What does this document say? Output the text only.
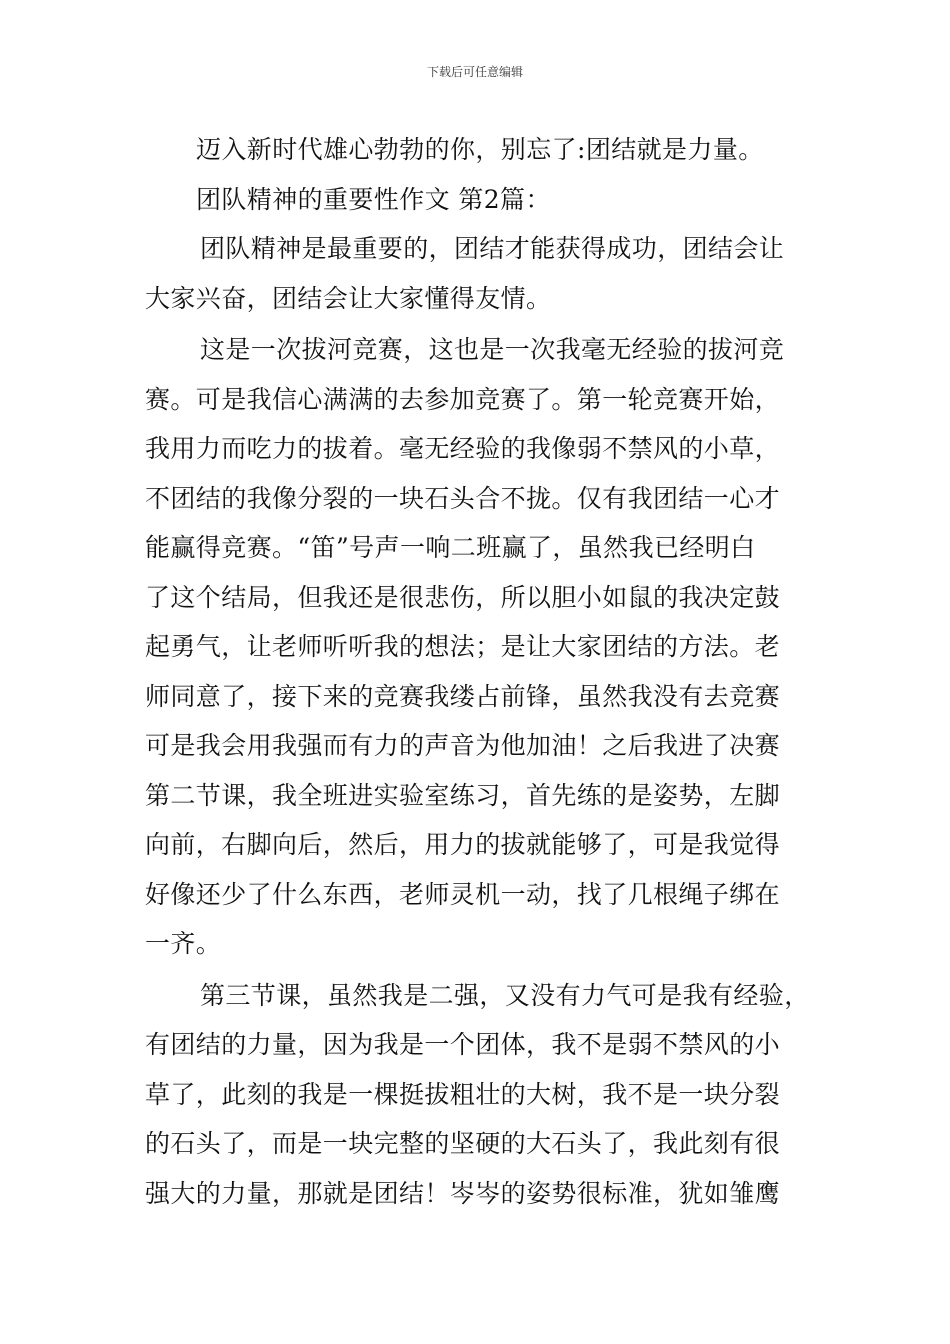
下载后可任意编辑
迈入新时代雄心勃勃的你，别忘了:团结就是力量。
团队精神的重要性作文 第2篇：
团队精神是最重要的，团结才能获得成功，团结会让
大家兴奋，团结会让大家懂得友情。
这是一次拔河竞赛，这也是一次我毫无经验的拔河竞
赛。可是我信心满满的去参加竞赛了。第一轮竞赛开始，
我用力而吃力的拔着。毫无经验的我像弱不禁风的小草，
不团结的我像分裂的一块石头合不拢。仅有我团结一心才
能赢得竞赛。“笛”号声一响二班赢了，虽然我已经明白
了这个结局，但我还是很悲伤，所以胆小如鼠的我决定鼓
起勇气，让老师听听我的想法；是让大家团结的方法。老
师同意了，接下来的竞赛我缕占前锋，虽然我没有去竞赛
可是我会用我强而有力的声音为他加油！之后我进了决赛
第二节课，我全班进实验室练习，首先练的是姿势，左脚
向前，右脚向后，然后，用力的拔就能够了，可是我觉得
好像还少了什么东西，老师灵机一动，找了几根绳子绑在
一齐。
第三节课，虽然我是二强，又没有力气可是我有经验，
有团结的力量，因为我是一个团体，我不是弱不禁风的小
草了，此刻的我是一棵挺拔粗壮的大树，我不是一块分裂
的石头了，而是一块完整的坚硬的大石头了，我此刻有很
强大的力量，那就是团结！岑岑的姿势很标准，犹如雏鹰
